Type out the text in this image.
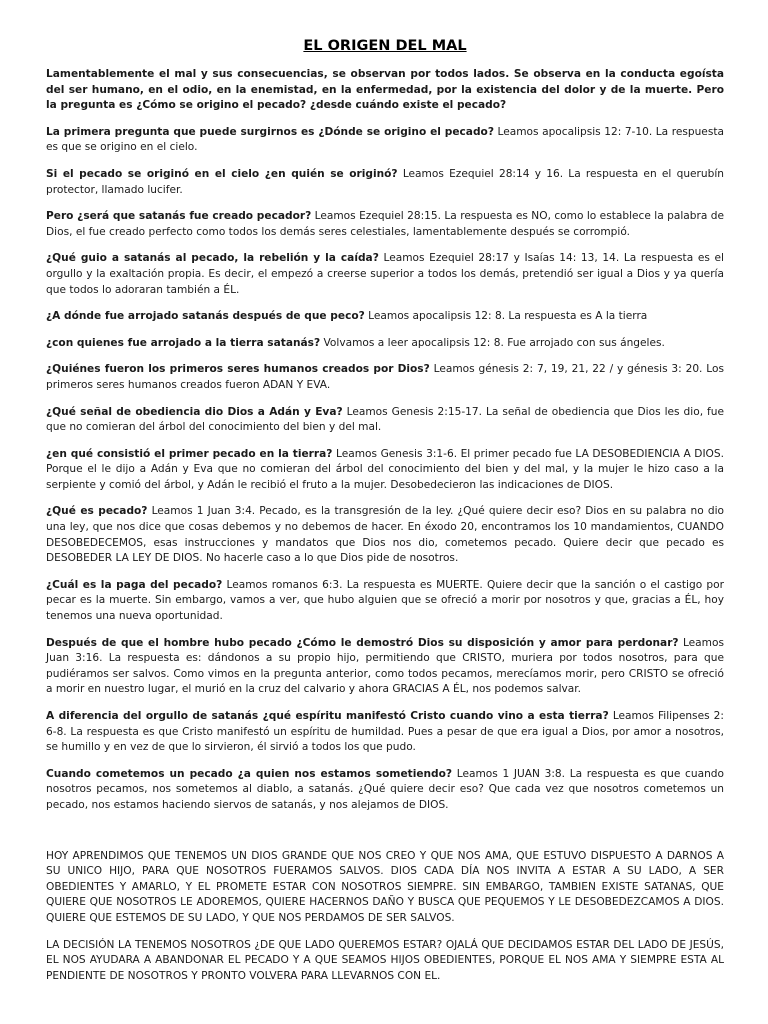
EL ORIGEN DEL MAL

Lamentablemente el mal y sus consecuencias, se observan por todos lados. Se observa en la conducta egoísta del ser humano, en el odio, en la enemistad, en la enfermedad, por la existencia del dolor y de la muerte. Pero la pregunta es ¿Cómo se origino el pecado? ¿desde cuándo existe el pecado?

La primera pregunta que puede surgirnos es ¿Dónde se origino el pecado? Leamos apocalipsis 12: 7-10. La respuesta es que se origino en el cielo.

Si el pecado se originó en el cielo ¿en quién se originó? Leamos Ezequiel 28:14 y 16. La respuesta en el querubín protector, llamado lucifer.

Pero ¿será que satanás fue creado pecador? Leamos Ezequiel 28:15. La respuesta es NO, como lo establece la palabra de Dios, el fue creado perfecto como todos los demás seres celestiales, lamentablemente después se corrompió.

¿Qué guio a satanás al pecado, la rebelión y la caída? Leamos Ezequiel 28:17 y Isaías 14: 13, 14. La respuesta es el orgullo y la exaltación propia. Es decir, el empezó a creerse superior a todos los demás, pretendió ser igual a Dios y ya quería que todos lo adoraran también a ÉL.

¿A dónde fue arrojado satanás después de que peco? Leamos apocalipsis 12: 8. La respuesta es A la tierra

¿con quienes fue arrojado a la tierra satanás? Volvamos a leer apocalipsis 12: 8. Fue arrojado con sus ángeles.

¿Quiénes fueron los primeros seres humanos creados por Dios? Leamos génesis 2: 7, 19, 21, 22 / y génesis 3: 20. Los primeros seres humanos creados fueron ADAN Y EVA.

¿Qué señal de obediencia dio Dios a Adán y Eva? Leamos Genesis 2:15-17. La señal de obediencia que Dios les dio, fue que no comieran del árbol del conocimiento del bien y del mal.

¿en qué consistió el primer pecado en la tierra? Leamos Genesis 3:1-6. El primer pecado fue LA DESOBEDIENCIA A DIOS. Porque el le dijo a Adán y Eva que no comieran del árbol del conocimiento del bien y del mal, y la mujer le hizo caso a la serpiente y comió del árbol, y Adán le recibió el fruto a la mujer. Desobedecieron las indicaciones de DIOS.

¿Qué es pecado? Leamos 1 Juan 3:4. Pecado, es la transgresión de la ley. ¿Qué quiere decir eso? Dios en su palabra no dio una ley, que nos dice que cosas debemos y no debemos de hacer. En éxodo 20, encontramos los 10 mandamientos, CUANDO DESOBEDECEMOS, esas instrucciones y mandatos que Dios nos dio, cometemos pecado. Quiere decir que pecado es DESOBEDER LA LEY DE DIOS. No hacerle caso a lo que Dios pide de nosotros.

¿Cuál es la paga del pecado? Leamos romanos 6:3. La respuesta es MUERTE. Quiere decir que la sanción o el castigo por pecar es la muerte. Sin embargo, vamos a ver, que hubo alguien que se ofreció a morir por nosotros y que, gracias a ÉL, hoy tenemos una nueva oportunidad.

Después de que el hombre hubo pecado ¿Cómo le demostró Dios su disposición y amor para perdonar? Leamos Juan 3:16. La respuesta es: dándonos a su propio hijo, permitiendo que CRISTO, muriera por todos nosotros, para que pudiéramos ser salvos. Como vimos en la pregunta anterior, como todos pecamos, merecíamos morir, pero CRISTO se ofreció a morir en nuestro lugar, el murió en la cruz del calvario y ahora GRACIAS A ÉL, nos podemos salvar.

A diferencia del orgullo de satanás ¿qué espíritu manifestó Cristo cuando vino a esta tierra? Leamos Filipenses 2: 6-8. La respuesta es que Cristo manifestó un espíritu de humildad. Pues a pesar de que era igual a Dios, por amor a nosotros, se humillo y en vez de que lo sirvieron, él sirvió a todos los que pudo.

Cuando cometemos un pecado ¿a quien nos estamos sometiendo? Leamos 1 JUAN 3:8. La respuesta es que cuando nosotros pecamos, nos sometemos al diablo, a satanás. ¿Qué quiere decir eso? Que cada vez que nosotros cometemos un pecado, nos estamos haciendo siervos de satanás, y nos alejamos de DIOS.

HOY APRENDIMOS QUE TENEMOS UN DIOS GRANDE QUE NOS CREO Y QUE NOS AMA, QUE ESTUVO DISPUESTO A DARNOS A SU UNICO HIJO, PARA QUE NOSOTROS FUERAMOS SALVOS. DIOS CADA DÍA NOS INVITA A ESTAR A SU LADO, A SER OBEDIENTES Y AMARLO, Y EL PROMETE ESTAR CON NOSOTROS SIEMPRE. SIN EMBARGO, TAMBIEN EXISTE SATANAS, QUE QUIERE QUE NOSOTROS LE ADOREMOS, QUIERE HACERNOS DAÑO Y BUSCA QUE PEQUEMOS Y LE DESOBEDEZCAMOS A DIOS. QUIERE QUE ESTEMOS DE SU LADO, Y QUE NOS PERDAMOS DE SER SALVOS.

LA DECISIÓN LA TENEMOS NOSOTROS ¿DE QUE LADO QUEREMOS ESTAR? OJALÁ QUE DECIDAMOS ESTAR DEL LADO DE JESÚS, EL NOS AYUDARA A ABANDONAR EL PECADO Y A QUE SEAMOS HIJOS OBEDIENTES, PORQUE EL NOS AMA Y SIEMPRE ESTA AL PENDIENTE DE NOSOTROS Y PRONTO VOLVERA PARA LLEVARNOS CON EL.
